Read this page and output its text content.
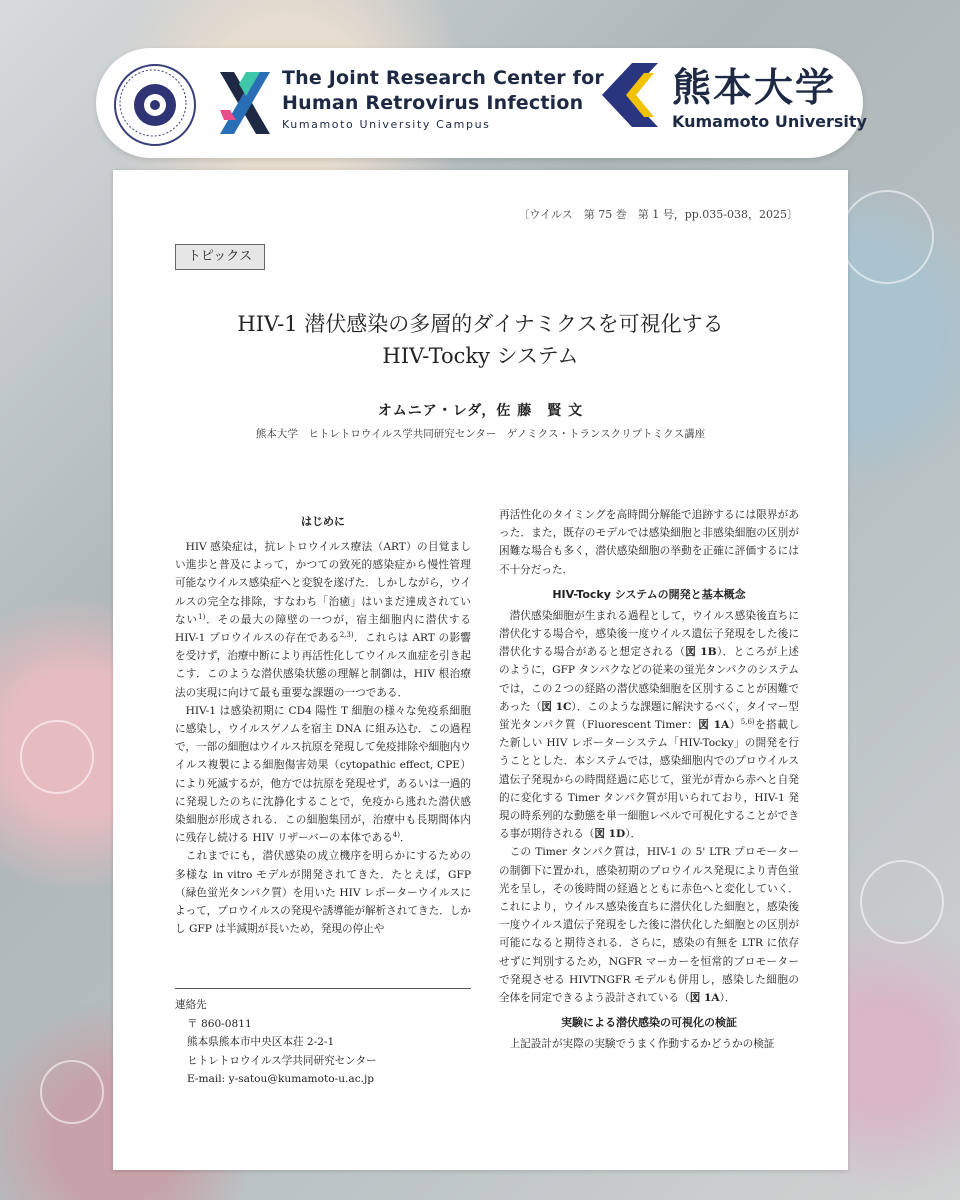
The Joint Research Center for
Human Retrovirus Infection
Kumamoto University Campus
熊本大学
Kumamoto University
〔ウイルス　第 75 巻　第 1 号，pp.035-038，2025〕
トピックス
HIV-1 潜伏感染の多層的ダイナミクスを可視化する
HIV-Tocky システム
オムニア・レダ，佐 藤　賢 文
熊本大学　ヒトレトロウイルス学共同研究センター　ゲノミクス・トランスクリプトミクス講座
はじめに

HIV 感染症は，抗レトロウイルス療法（ART）の目覚ましい進歩と普及によって，かつての致死的感染症から慢性管理可能なウイルス感染症へと変貌を遂げた．しかしながら，ウイルスの完全な排除，すなわち「治癒」はいまだ達成されていない$^{1)}$．その最大の障壁の一つが，宿主細胞内に潜伏する HIV-1 プロウイルスの存在である$^{2,3)}$．これらは ART の影響を受けず，治療中断により再活性化してウイルス血症を引き起こす．このような潜伏感染状態の理解と制御は，HIV 根治療法の実現に向けて最も重要な課題の一つである．

HIV-1 は感染初期に CD4 陽性 T 細胞の様々な免疫系細胞に感染し，ウイルスゲノムを宿主 DNA に組み込む．この過程で，一部の細胞はウイルス抗原を発現して免疫排除や細胞内ウイルス複製による細胞傷害効果（cytopathic effect, CPE）により死滅するが，他方では抗原を発現せず，あるいは一過的に発現したのちに沈静化することで，免疫から逃れた潜伏感染細胞が形成される．この細胞集団が，治療中も長期間体内に残存し続ける HIV リザーバーの本体である$^{4)}$．

これまでにも，潜伏感染の成立機序を明らかにするための多様な in vitro モデルが開発されてきた．たとえば，GFP（緑色蛍光タンパク質）を用いた HIV レポーターウイルスによって，プロウイルスの発現や誘導能が解析されてきた．しかし GFP は半減期が長いため，発現の停止や

連絡先
〒 860-0811
熊本県熊本市中央区本荘 2-2-1
ヒトレトロウイルス学共同研究センター
E-mail: y-satou@kumamoto-u.ac.jp

再活性化のタイミングを高時間分解能で追跡するには限界があった．また，既存のモデルでは感染細胞と非感染細胞の区別が困難な場合も多く，潜伏感染細胞の挙動を正確に評価するには不十分だった．

HIV-Tocky システムの開発と基本概念

潜伏感染細胞が生まれる過程として，ウイルス感染後直ちに潜伏化する場合や，感染後一度ウイルス遺伝子発現をした後に潜伏化する場合があると想定される（図 1B）．ところが上述のように，GFP タンパクなどの従来の蛍光タンパクのシステムでは，この２つの経路の潜伏感染細胞を区別することが困難であった（図 1C）．このような課題に解決するべく，タイマー型蛍光タンパク質（Fluorescent Timer：図 1A）$^{5,6)}$を搭載した新しい HIV レポーターシステム「HIV-Tocky」の開発を行うこととした．本システムでは，感染細胞内でのプロウイルス遺伝子発現からの時間経過に応じて，蛍光が青から赤へと自発的に変化する Timer タンパク質が用いられており，HIV-1 発現の時系列的な動態を単一細胞レベルで可視化することができる事が期待される（図 1D）．

この Timer タンパク質は，HIV-1 の 5' LTR プロモーターの制御下に置かれ，感染初期のプロウイルス発現により青色蛍光を呈し，その後時間の経過とともに赤色へと変化していく．これにより，ウイルス感染後直ちに潜伏化した細胞と，感染後一度ウイルス遺伝子発現をした後に潜伏化した細胞との区別が可能になると期待される．さらに，感染の有無を LTR に依存せずに判別するため，NGFR マーカーを恒常的プロモーターで発現させる HIVTNGFR モデルも併用し，感染した細胞の全体を同定できるよう設計されている（図 1A）．

実験による潜伏感染の可視化の検証

上記設計が実際の実験でうまく作動するかどうかの検証
